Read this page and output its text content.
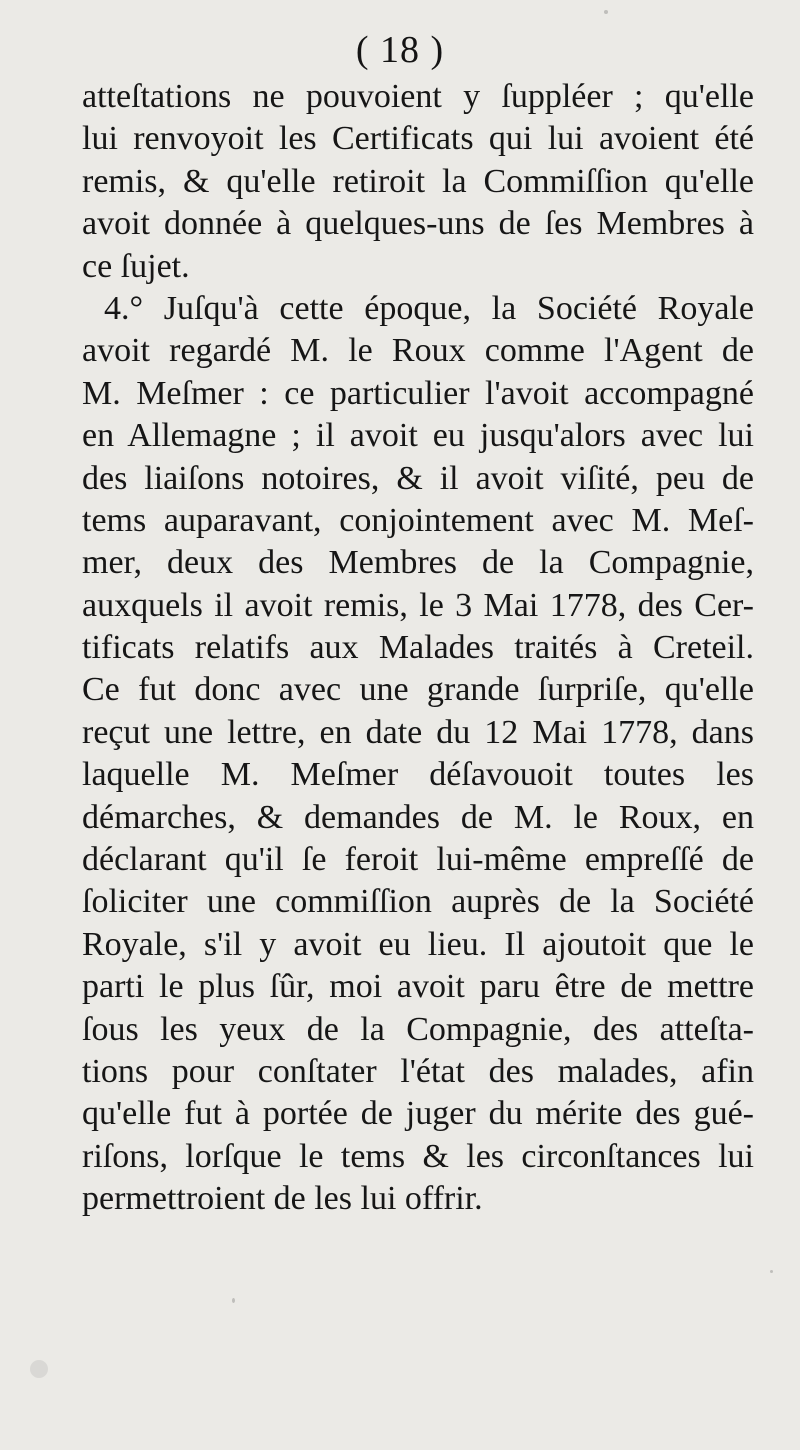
( 18 )
atteſtations ne pouvoient y ſuppléer ; qu'elle
lui renvoyoit les Certificats qui lui avoient été
remis, & qu'elle retiroit la Commiſſion qu'elle
avoit donnée à quelques-uns de ſes Membres à
ce ſujet.
4.° Juſqu'à cette époque, la Société Royale
avoit regardé M. le Roux comme l'Agent de
M. Meſmer : ce particulier l'avoit accompagné
en Allemagne ; il avoit eu jusqu'alors avec lui
des liaiſons notoires, & il avoit viſité, peu de
tems auparavant, conjointement avec M. Meſ-
mer, deux des Membres de la Compagnie,
auxquels il avoit remis, le 3 Mai 1778, des Cer-
tificats relatifs aux Malades traités à Creteil.
Ce fut donc avec une grande ſurpriſe, qu'elle
reçut une lettre, en date du 12 Mai 1778, dans
laquelle M. Meſmer déſavouoit toutes les
démarches, & demandes de M. le Roux, en
déclarant qu'il ſe feroit lui-même empreſſé de
ſoliciter une commiſſion auprès de la Société
Royale, s'il y avoit eu lieu. Il ajoutoit que le
parti le plus ſûr, moi avoit paru être de mettre
ſous les yeux de la Compagnie, des atteſta-
tions pour conſtater l'état des malades, afin
qu'elle fut à portée de juger du mérite des gué-
riſons, lorſque le tems & les circonſtances lui
permettroient de les lui offrir.
